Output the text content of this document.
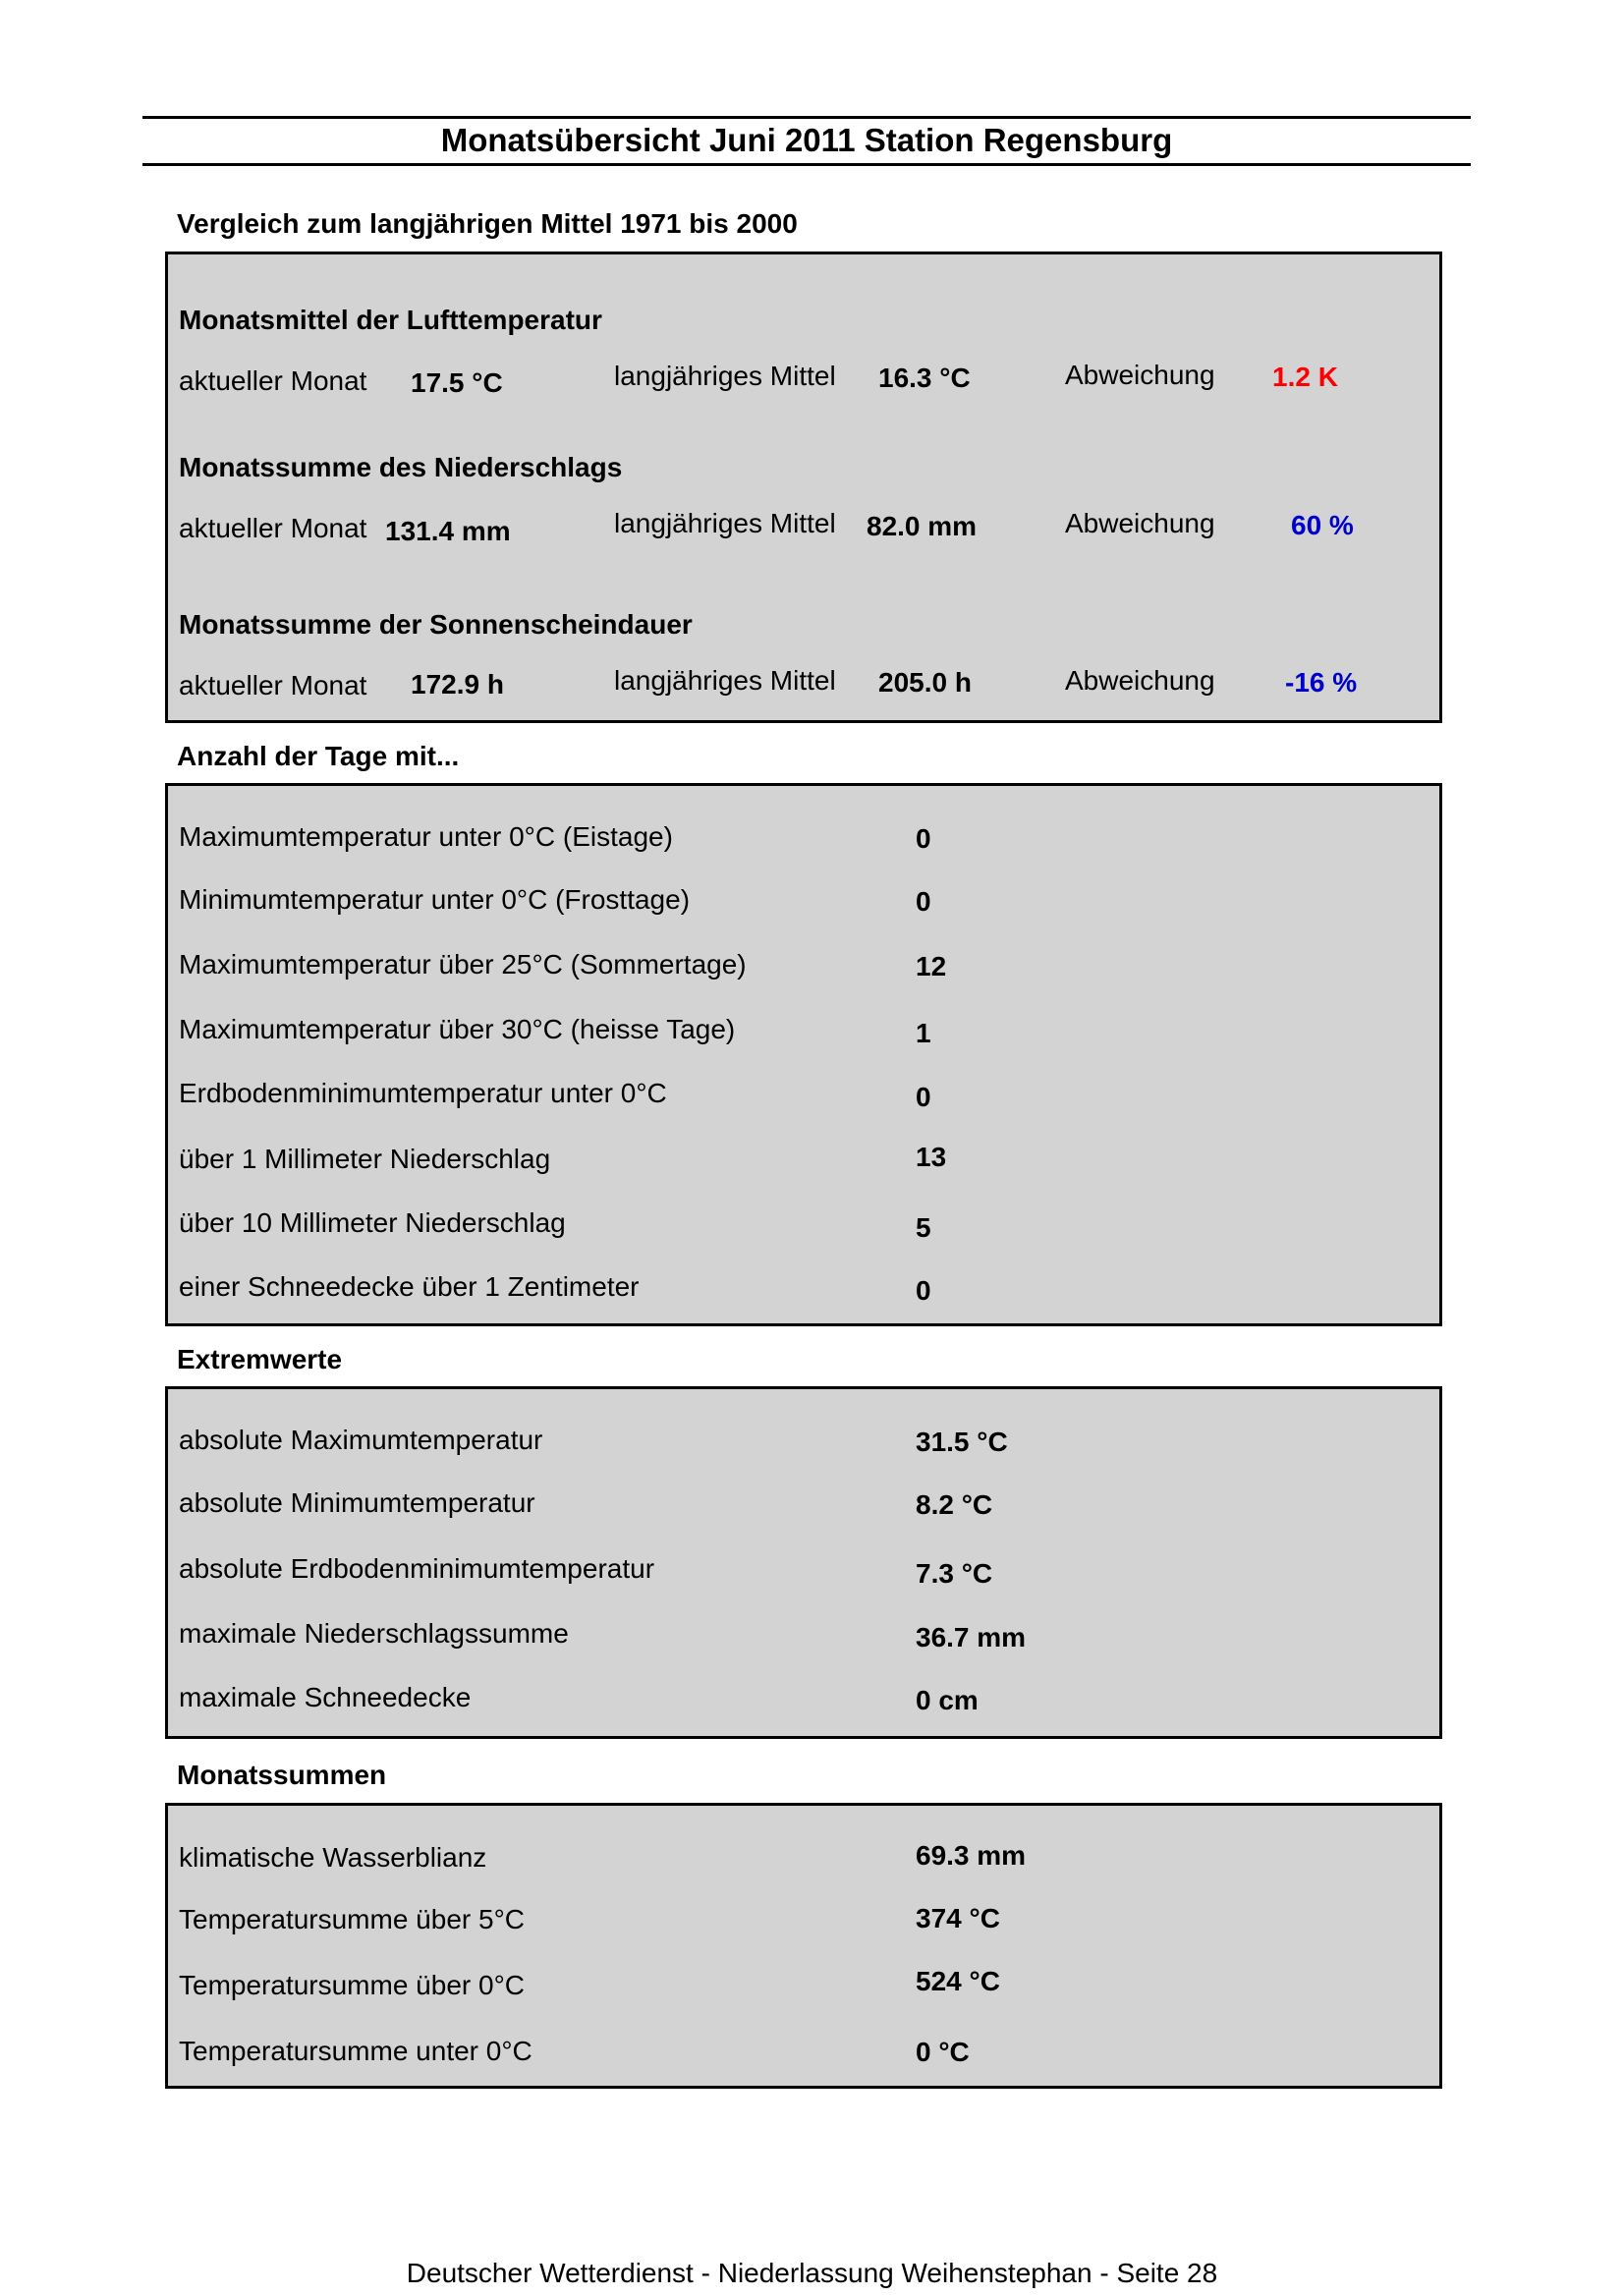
Monatsübersicht Juni 2011 Station Regensburg
Vergleich zum langjährigen Mittel 1971 bis 2000
Monatsmittel der Lufttemperatur
aktueller Monat 17.5 °C	langjähriges Mittel 16.3 °C	Abweichung 1.2 K
Monatssumme des Niederschlags
aktueller Monat 131.4 mm	langjähriges Mittel 82.0 mm	Abweichung	60 %
Monatssumme der Sonnenscheindauer
aktueller Monat 172.9 h	langjähriges Mittel 205.0 h	Abweichung	-16 %
Anzahl der Tage mit...
Maximumtemperatur unter 0°C (Eistage)	0
Minimumtemperatur unter 0°C (Frosttage)	0
Maximumtemperatur über 25°C (Sommertage)	12
Maximumtemperatur über 30°C (heisse Tage)	1
Erdbodenminimumtemperatur unter 0°C	0
über 1 Millimeter Niederschlag	13
über 10 Millimeter Niederschlag	5
einer Schneedecke über 1 Zentimeter	0
Extremwerte
absolute Maximumtemperatur	31.5 °C
absolute Minimumtemperatur	8.2 °C
absolute Erdbodenminimumtemperatur	7.3 °C
maximale Niederschlagssumme	36.7 mm
maximale Schneedecke	0 cm
Monatssummen
klimatische Wasserblianz	69.3 mm
Temperatursumme über 5°C	374 °C
Temperatursumme über 0°C	524 °C
Temperatursumme unter 0°C	0 °C
Deutscher Wetterdienst - Niederlassung Weihenstephan - Seite 28
